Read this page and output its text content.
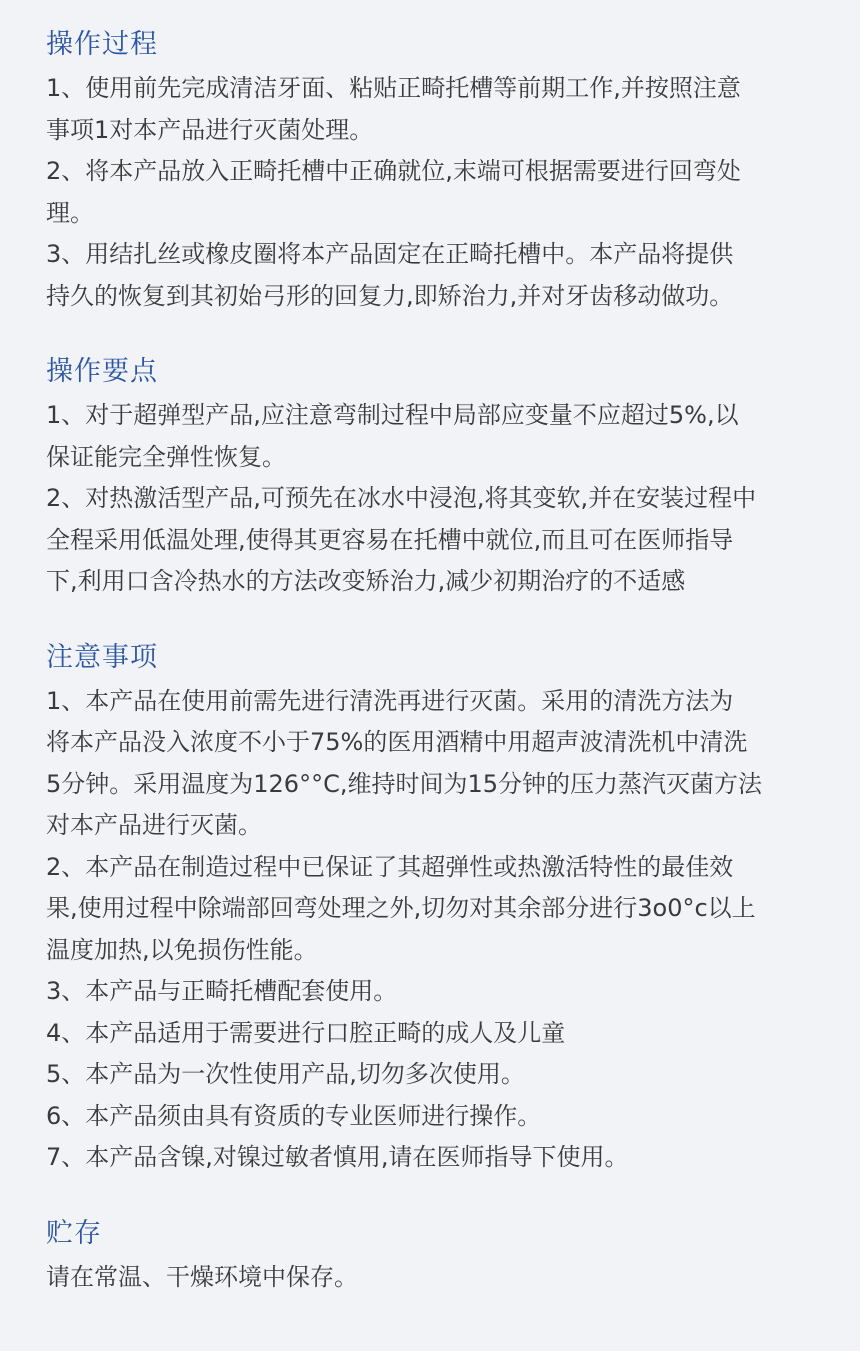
操作过程

1、使用前先完成清洁牙面、粘贴正畸托槽等前期工作,并按照注意
事项1对本产品进行灭菌处理。

2、将本产品放入正畸托槽中正确就位,末端可根据需要进行回弯处
理。

3、用结扎丝或橡皮圈将本产品固定在正畸托槽中。本产品将提供
持久的恢复到其初始弓形的回复力,即矫治力,并对牙齿移动做功。

操作要点

1、对于超弹型产品,应注意弯制过程中局部应变量不应超过5%,以
保证能完全弹性恢复。

2、对热激活型产品,可预先在冰水中浸泡,将其变软,并在安装过程中
全程采用低温处理,使得其更容易在托槽中就位,而且可在医师指导
下,利用口含冷热水的方法改变矫治力,减少初期治疗的不适感

注意事项

1、本产品在使用前需先进行清洗再进行灭菌。采用的清洗方法为
将本产品没入浓度不小于75%的医用酒精中用超声波清洗机中清洗
5分钟。采用温度为126°°C,维持时间为15分钟的压力蒸汽灭菌方法
对本产品进行灭菌。

2、本产品在制造过程中已保证了其超弹性或热激活特性的最佳效
果,使用过程中除端部回弯处理之外,切勿对其余部分进行3o0°c以上
温度加热,以免损伤性能。

3、本产品与正畸托槽配套使用。

4、本产品适用于需要进行口腔正畸的成人及儿童

5、本产品为一次性使用产品,切勿多次使用。

6、本产品须由具有资质的专业医师进行操作。

7、本产品含镍,对镍过敏者慎用,请在医师指导下使用。

贮存

请在常温、干燥环境中保存。
